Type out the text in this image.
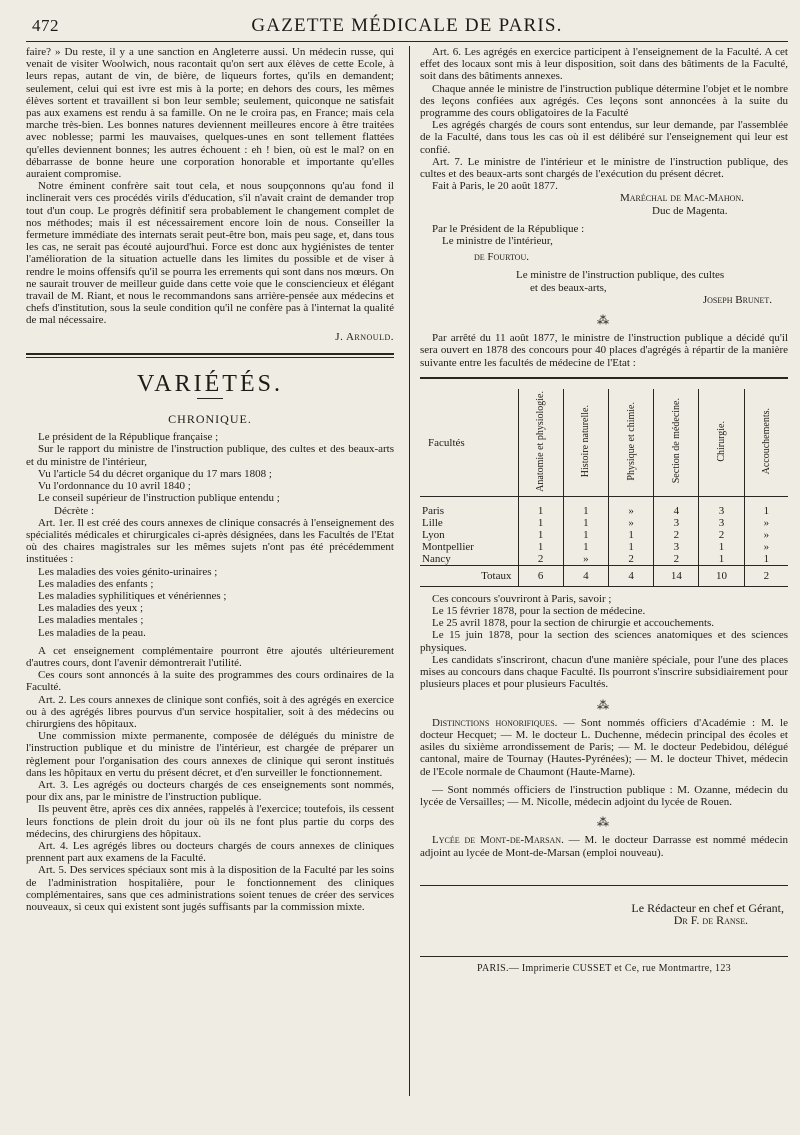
472	GAZETTE MÉDICALE DE PARIS.

faire? » Du reste, il y a une sanction en Angleterre aussi. Un médecin russe, qui venait de visiter Woolwich, nous racontait qu'on sert aux élèves de cette Ecole, à leurs repas, autant de vin, de bière, de liqueurs fortes, qu'ils en demandent; seulement, celui qui est ivre est mis à la porte; en dehors des cours, les mêmes élèves sortent et travaillent si bon leur semble; seulement, quiconque ne satisfait pas aux examens est rendu à sa famille. On ne le croira pas, en France; mais cela marche très-bien. Les bonnes natures deviennent meilleures encore à être traitées avec noblesse; parmi les mauvaises, quelques-unes en sont tellement flattées qu'elles deviennent bonnes; les autres échouent : eh ! bien, où est le mal? on en débarrasse de bonne heure une corporation honorable et importante qu'elles auraient compromise.

Notre éminent confrère sait tout cela, et nous soupçonnons qu'au fond il inclinerait vers ces procédés virils d'éducation, s'il n'avait craint de demander trop tout d'un coup. Le progrès définitif sera probablement le changement complet de nos méthodes; mais il est nécessairement encore loin de nous. Conseiller la fermeture immédiate des internats serait peut-être bon, mais peu sage, et, dans tous les cas, ne serait pas écouté aujourd'hui. Force est donc aux hygiénistes de tenter l'amélioration de la situation actuelle dans les limites du possible et de viser à rendre le moins offensifs qu'il se pourra les errements qui sont dans nos mœurs. On ne saurait trouver de meilleur guide dans cette voie que le consciencieux et élégant travail de M. Riant, et nous le recommandons sans arrière-pensée aux médecins et chefs d'institution, sous la seule condition qu'il ne confère pas à l'internat la qualité de mal nécessaire.

J. Arnould.

VARIÉTÉS.
CHRONIQUE.

Le président de la République française ;

Sur le rapport du ministre de l'instruction publique, des cultes et des beaux-arts et du ministre de l'intérieur,

Vu l'article 54 du décret organique du 17 mars 1808 ;

Vu l'ordonnance du 10 avril 1840 ;

Le conseil supérieur de l'instruction publique entendu ;

Décrète :

Art. 1er. Il est créé des cours annexes de clinique consacrés à l'enseignement des spécialités médicales et chirurgicales ci-après désignées, dans les Facultés de l'Etat où des chaires magistrales sur les mêmes sujets n'ont pas été précédemment instituées :

Les maladies des voies génito-urinaires ;

Les maladies des enfants ;

Les maladies syphilitiques et vénériennes ;

Les maladies des yeux ;

Les maladies mentales ;

Les maladies de la peau.

A cet enseignement complémentaire pourront être ajoutés ultérieurement d'autres cours, dont l'avenir démontrerait l'utilité.

Ces cours sont annoncés à la suite des programmes des cours ordinaires de la Faculté.

Art. 2. Les cours annexes de clinique sont confiés, soit à des agrégés en exercice ou à des agrégés libres pourvus d'un service hospitalier, soit à des médecins ou chirurgiens des hôpitaux.

Une commission mixte permanente, composée de délégués du ministre de l'instruction publique et du ministre de l'intérieur, est chargée de préparer un règlement pour l'organisation des cours annexes de clinique qui seront institués dans les hôpitaux en vertu du présent décret, et d'en surveiller le fonctionnement.

Art. 3. Les agrégés ou docteurs chargés de ces enseignements sont nommés, pour dix ans, par le ministre de l'instruction publique.

Ils peuvent être, après ces dix années, rappelés à l'exercice; toutefois, ils cessent leurs fonctions de plein droit du jour où ils ne font plus partie du corps des médecins, des chirurgiens des hôpitaux.

Art. 4. Les agrégés libres ou docteurs chargés de cours annexes de cliniques prennent part aux examens de la Faculté.

Art. 5. Des services spéciaux sont mis à la disposition de la Faculté par les soins de l'administration hospitalière, pour le fonctionnement des cliniques complémentaires, sans que ces administrations soient tenues de créer des services nouveaux, si ceux qui existent sont jugés suffisants par la commission mixte.

Art. 6. Les agrégés en exercice participent à l'enseignement de la Faculté. A cet effet des locaux sont mis à leur disposition, soit dans des bâtiments de la Faculté, soit dans des bâtiments annexes.

Chaque année le ministre de l'instruction publique détermine l'objet et le nombre des leçons confiées aux agrégés. Ces leçons sont annoncées à la suite du programme des cours obligatoires de la Faculté

Les agrégés chargés de cours sont entendus, sur leur demande, par l'assemblée de la Faculté, dans tous les cas où il est délibéré sur l'enseignement qui leur est confié.

Art. 7. Le ministre de l'intérieur et le ministre de l'instruction publique, des cultes et des beaux-arts sont chargés de l'exécution du présent décret.

Fait à Paris, le 20 août 1877.

Maréchal de Mac-Mahon.

Duc de Magenta.

Par le Président de la République :

Le ministre de l'intérieur,

de Fourtou.

Le ministre de l'instruction publique, des cultes

et des beaux-arts,

Joseph Brunet.

⁂

Par arrêté du 11 août 1877, le ministre de l'instruction publique a décidé qu'il sera ouvert en 1878 des concours pour 40 places d'agrégés à répartir de la manière suivante entre les facultés de médecine de l'Etat :

Facultés	Anatomie et physiologie.	Histoire naturelle.	Physique et chimie.	Section de médecine.	Chirurgie.	Accouchements.

Paris	1	1	»	4	3	1
Lille	1	1	»	3	3	»
Lyon	1	1	1	2	2	»
Montpellier	1	1	1	3	1	»
Nancy	2	»	2	2	1	1
Totaux	6	4	4	14	10	2

Ces concours s'ouvriront à Paris, savoir ;

Le 15 février 1878, pour la section de médecine.

Le 25 avril 1878, pour la section de chirurgie et accouchements.

Le 15 juin 1878, pour la section des sciences anatomiques et des sciences physiques.

Les candidats s'inscriront, chacun d'une manière spéciale, pour l'une des places mises au concours dans chaque Faculté. Ils pourront s'inscrire subsidiairement pour plusieurs places et pour plusieurs Facultés.

⁂

Distinctions honorifiques. — Sont nommés officiers d'Académie : M. le docteur Hecquet; — M. le docteur L. Duchenne, médecin principal des écoles et asiles du sixième arrondissement de Paris; — M. le docteur Pedebidou, délégué cantonal, maire de Tournay (Hautes-Pyrénées); — M. le docteur Thivet, médecin de l'Ecole normale de Chaumont (Haute-Marne).

— Sont nommés officiers de l'instruction publique : M. Ozanne, médecin du lycée de Versailles; — M. Nicolle, médecin adjoint du lycée de Rouen.

⁂

Lycée de Mont-de-Marsan. — M. le docteur Darrasse est nommé médecin adjoint au lycée de Mont-de-Marsan (emploi nouveau).

Le Rédacteur en chef et Gérant,

Dr F. de Ranse.

PARIS.— Imprimerie CUSSET et Ce, rue Montmartre, 123
